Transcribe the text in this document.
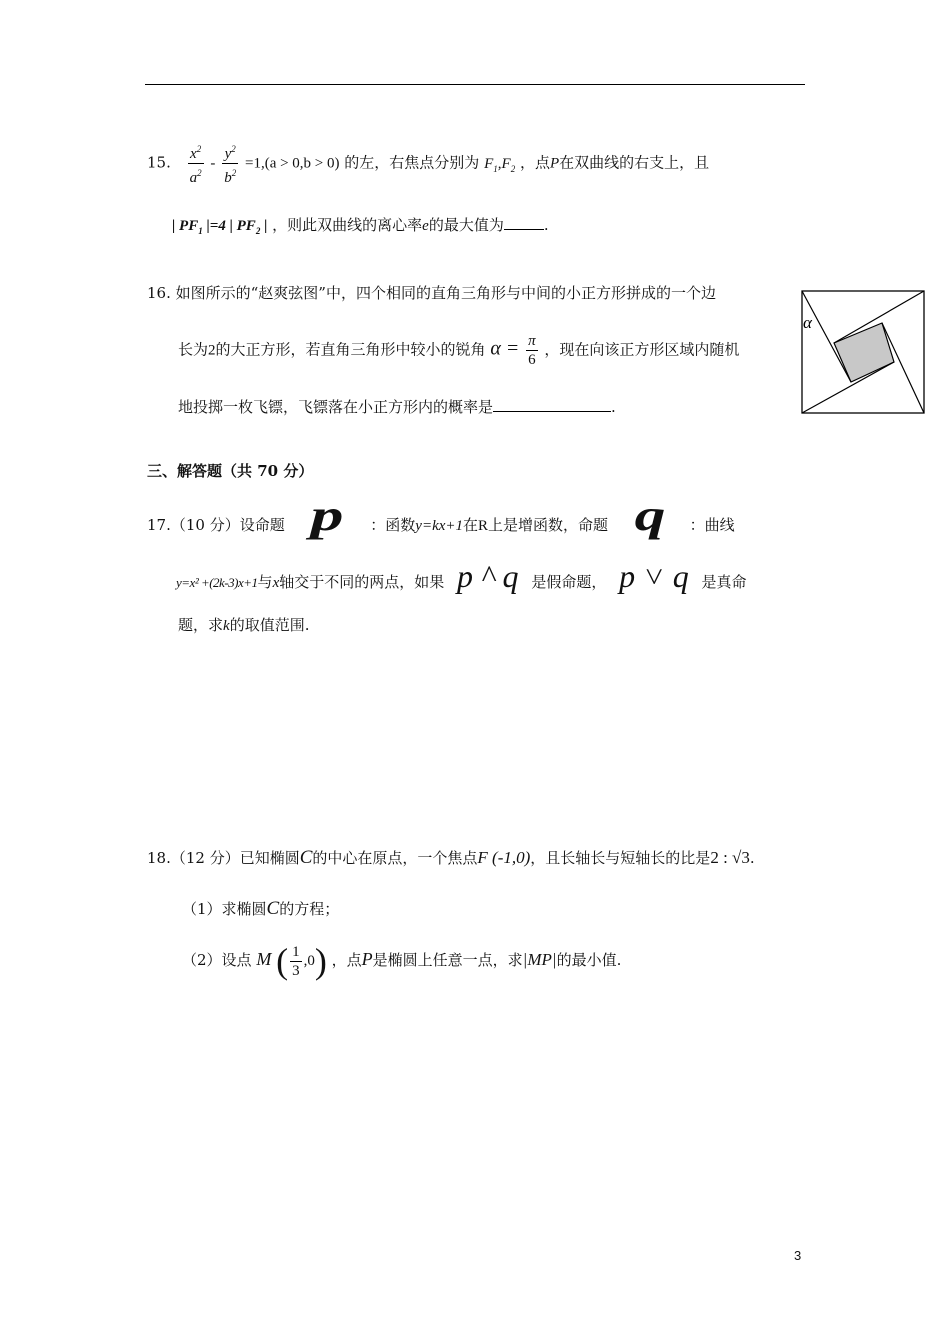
15. $\frac{x^2}{a^2} - \frac{y^2}{b^2} =1,(a > 0,b > 0)$ 的左，右焦点分别为 $F_1,F_2$ ，点P在双曲线的右支上，且
| $PF_1$ |=4 | $PF_2$ | ，则此双曲线的离心率e的最大值为	.
16. 如图所示的“赵爽弦图”中，四个相同的直角三角形与中间的小正方形拼成的一个边
长为2的大正方形，若直角三角形中较小的锐角 $\alpha = \frac{\pi}{6}$ ，现在向该正方形区域内随机
地投掷一枚飞镖，飞镖落在小正方形内的概率是	.
α
三、解答题（共 70 分）
17.（10 分）设命题 p ：函数y=kx+1在R上是增函数，命题 q ：曲线
y=x² +(2k-3)x+1与x轴交于不同的两点，如果 p ^ q 是假命题， p ˅ q 是真命
题，求k的取值范围.
18.（12 分）已知椭圆C的中心在原点，一个焦点F (-1,0)，且长轴长与短轴长的比是2 : √3.
（1）求椭圆C的方程；
（2）设点 M ( $\frac{1}{3} ,0$) ，点P是椭圆上任意一点，求|MP|的最小值.
3
